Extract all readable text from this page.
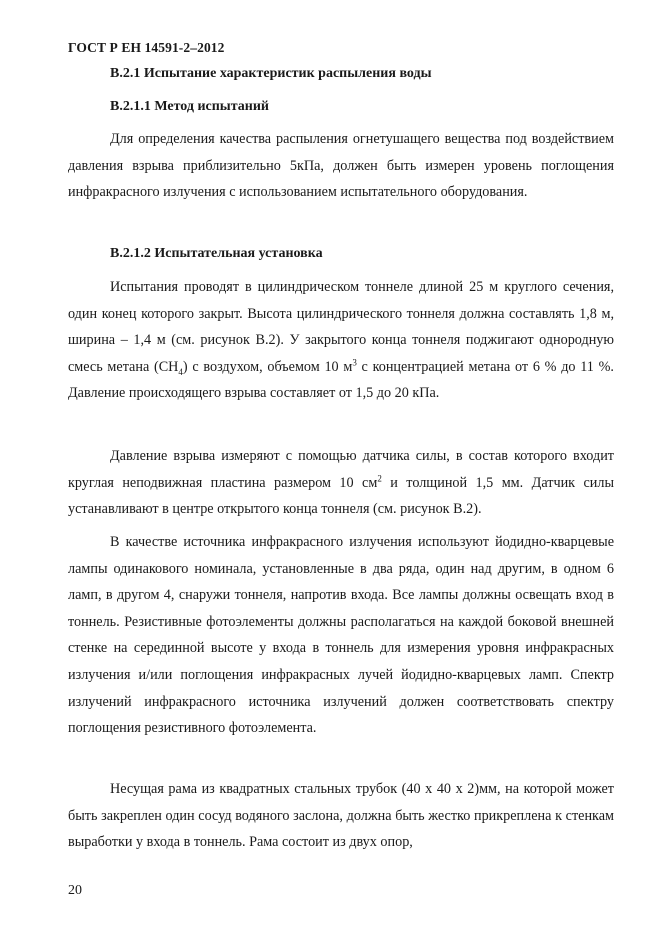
ГОСТ Р ЕН 14591-2–2012
В.2.1 Испытание характеристик распыления воды
В.2.1.1 Метод испытаний

Для определения качества распыления огнетушащего вещества под воздействием давления взрыва приблизительно 5кПа, должен быть измерен уровень поглощения инфракрасного излучения с использованием испытательного оборудования.

В.2.1.2 Испытательная установка

Испытания проводят в цилиндрическом тоннеле длиной 25 м круглого сечения, один конец которого закрыт. Высота цилиндрического тоннеля должна составлять 1,8 м, ширина – 1,4 м (см. рисунок В.2). У закрытого конца тоннеля поджигают однородную смесь метана $(CH_4)$ с воздухом, объемом 10 $м^3$ с концентрацией метана от 6 % до 11 %. Давление происходящего взрыва составляет от 1,5 до 20 кПа.

Давление взрыва измеряют с помощью датчика силы, в состав которого входит круглая неподвижная пластина размером 10 $см^2$ и толщиной 1,5 мм. Датчик силы устанавливают в центре открытого конца тоннеля (см. рисунок В.2).

В качестве источника инфракрасного излучения используют йодидно-кварцевые лампы одинакового номинала, установленные в два ряда, один над другим, в одном 6 ламп, в другом 4, снаружи тоннеля, напротив входа. Все лампы должны освещать вход в тоннель. Резистивные фотоэлементы должны располагаться на каждой боковой внешней стенке на серединной высоте у входа в тоннель для измерения уровня инфракрасных излучения и/или поглощения инфракрасных лучей йодидно-кварцевых ламп. Спектр излучений инфракрасного источника излучений должен соответствовать спектру поглощения резистивного фотоэлемента.

Несущая рама из квадратных стальных трубок (40 х 40 х 2)мм, на которой может быть закреплен один сосуд водяного заслона, должна быть жестко прикреплена к стенкам выработки у входа в тоннель. Рама состоит из двух опор,

20
